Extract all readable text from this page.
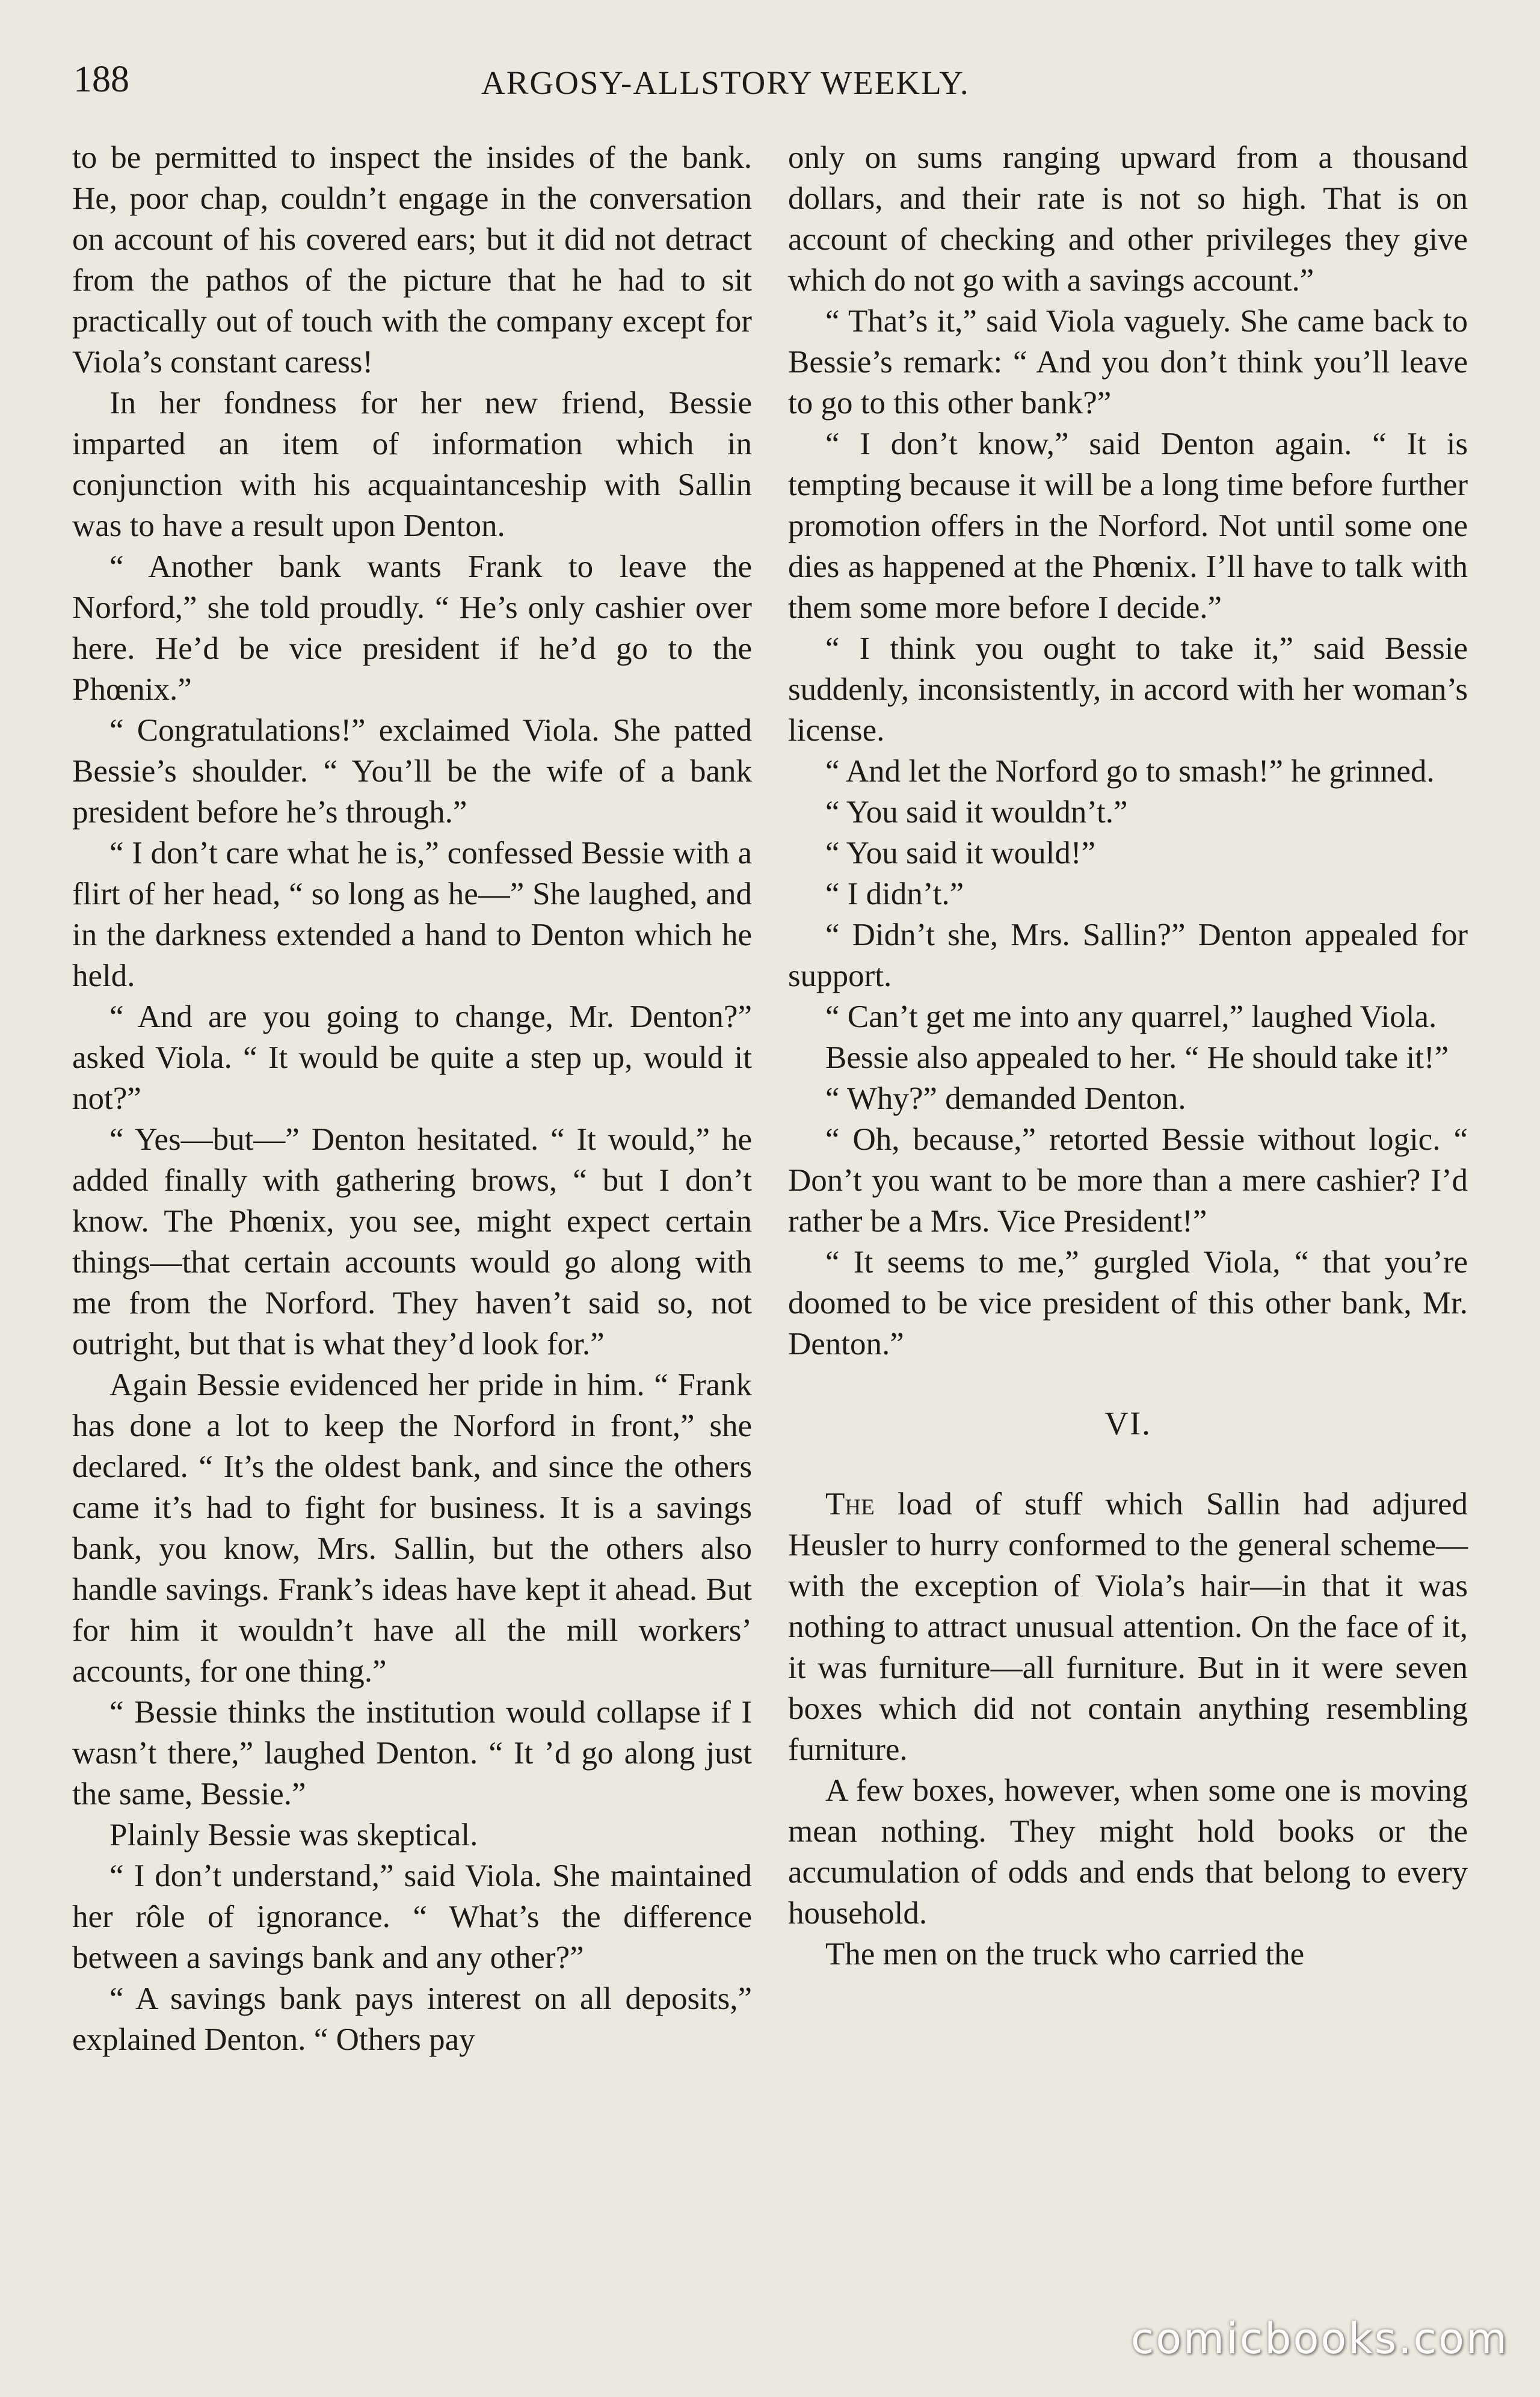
188	ARGOSY-ALLSTORY WEEKLY.

to be permitted to inspect the insides of the bank. He, poor chap, couldn’t engage in the conversation on account of his covered ears; but it did not detract from the pathos of the picture that he had to sit practically out of touch with the company except for Viola’s constant caress!

In her fondness for her new friend, Bessie imparted an item of information which in conjunction with his acquaintanceship with Sallin was to have a result upon Denton.

“ Another bank wants Frank to leave the Norford,” she told proudly. “ He’s only cashier over here. He’d be vice president if he’d go to the Phœnix.”

“ Congratulations!” exclaimed Viola. She patted Bessie’s shoulder. “ You’ll be the wife of a bank president before he’s through.”

“ I don’t care what he is,” confessed Bessie with a flirt of her head, “ so long as he—” She laughed, and in the darkness extended a hand to Denton which he held.

“ And are you going to change, Mr. Denton?” asked Viola. “ It would be quite a step up, would it not?”

“ Yes—but—” Denton hesitated. “ It would,” he added finally with gathering brows, “ but I don’t know. The Phœnix, you see, might expect certain things—that certain accounts would go along with me from the Norford. They haven’t said so, not outright, but that is what they’d look for.”

Again Bessie evidenced her pride in him. “ Frank has done a lot to keep the Norford in front,” she declared. “ It’s the oldest bank, and since the others came it’s had to fight for business. It is a savings bank, you know, Mrs. Sallin, but the others also handle savings. Frank’s ideas have kept it ahead. But for him it wouldn’t have all the mill workers’ accounts, for one thing.”

“ Bessie thinks the institution would collapse if I wasn’t there,” laughed Denton. “ It ’d go along just the same, Bessie.”

Plainly Bessie was skeptical.

“ I don’t understand,” said Viola. She maintained her rôle of ignorance. “ What’s the difference between a savings bank and any other?”

“ A savings bank pays interest on all deposits,” explained Denton. “ Others pay

only on sums ranging upward from a thousand dollars, and their rate is not so high. That is on account of checking and other privileges they give which do not go with a savings account.”

“ That’s it,” said Viola vaguely. She came back to Bessie’s remark: “ And you don’t think you’ll leave to go to this other bank?”

“ I don’t know,” said Denton again. “ It is tempting because it will be a long time before further promotion offers in the Norford. Not until some one dies as happened at the Phœnix. I’ll have to talk with them some more before I decide.”

“ I think you ought to take it,” said Bessie suddenly, inconsistently, in accord with her woman’s license.

“ And let the Norford go to smash!” he grinned.

“ You said it wouldn’t.”

“ You said it would!”

“ I didn’t.”

“ Didn’t she, Mrs. Sallin?” Denton appealed for support.

“ Can’t get me into any quarrel,” laughed Viola.

Bessie also appealed to her. “ He should take it!”

“ Why?” demanded Denton.

“ Oh, because,” retorted Bessie without logic. “ Don’t you want to be more than a mere cashier? I’d rather be a Mrs. Vice President!”

“ It seems to me,” gurgled Viola, “ that you’re doomed to be vice president of this other bank, Mr. Denton.”

VI.

The load of stuff which Sallin had adjured Heusler to hurry conformed to the general scheme—with the exception of Viola’s hair—in that it was nothing to attract unusual attention. On the face of it, it was furniture—all furniture. But in it were seven boxes which did not contain anything resembling furniture.

A few boxes, however, when some one is moving mean nothing. They might hold books or the accumulation of odds and ends that belong to every household.

The men on the truck who carried the

comicbooks.com
